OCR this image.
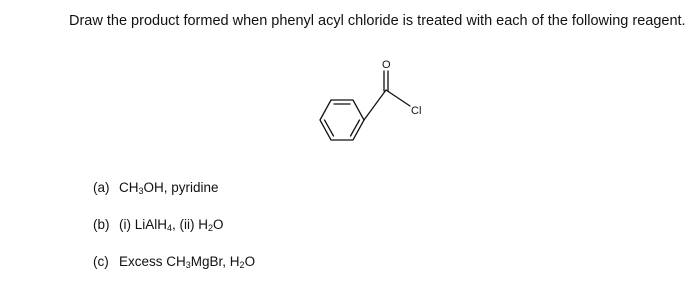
Draw the product formed when phenyl acyl chloride is treated with each of the following reagent.
O
Cl
(a) $CH_3OH$, pyridine
(b) (i) LiAlH$_4$, (ii) $H_2O$
(c) Excess $CH_3MgBr$, $H_2O$
